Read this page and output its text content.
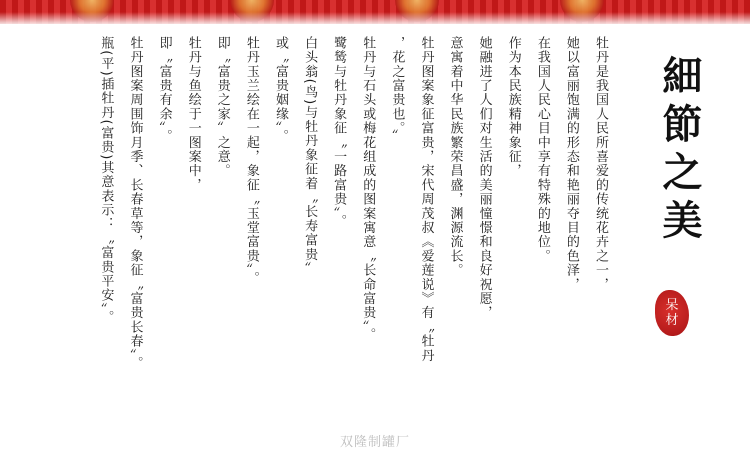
細節之美
呆
材
牡丹是我国人民所喜爱的传统花卉之一，
她以富丽饱满的形态和艳丽夺目的色泽，
在我国人民心目中享有特殊的地位。
作为本民族精神象征，
她融进了人们对生活的美丽憧憬和良好祝愿，
意寓着中华民族繁荣昌盛，渊源流长。
牡丹图案象征富贵，宋代周茂叔《爱莲说》有〝牡丹
，花之富贵也。〞
牡丹与石头或梅花组成的图案寓意〝长命富贵〞。
鹭鸶与牡丹象征〝一路富贵〞。
白头翁(鸟)与牡丹象征着〝长寿富贵〞
或〝富贵姻缘〞。
牡丹玉兰绘在一起，象征〝玉堂富贵〞。
即〝富贵之家〞之意。
牡丹与鱼绘于一图案中，
即〝富贵有余〞。
牡丹图案周围饰月季、长春草等，象征〝富贵长春〞。
瓶(平)插牡丹(富贵)其意表示：〝富贵平安〞。
双隆制罐厂
